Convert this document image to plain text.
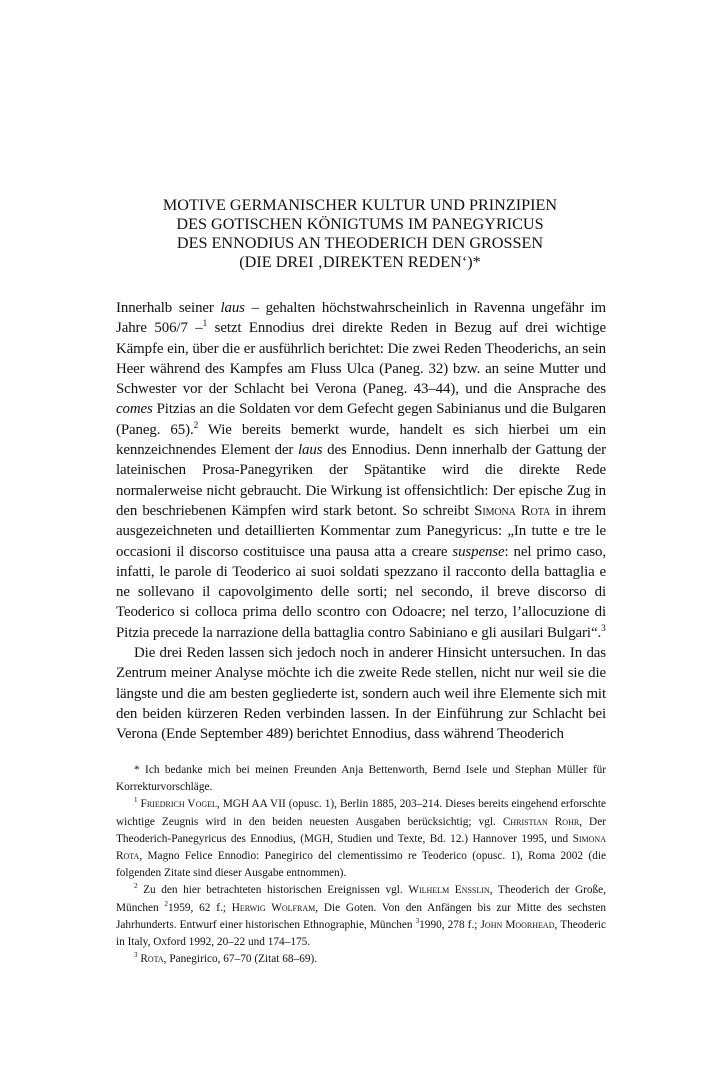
MOTIVE GERMANISCHER KULTUR UND PRINZIPIEN
DES GOTISCHEN KÖNIGTUMS IM PANEGYRICUS
DES ENNODIUS AN THEODERICH DEN GROSSEN
(DIE DREI ‚DIREKTEN REDEN‘)*

Innerhalb seiner laus – gehalten höchstwahrscheinlich in Ravenna ungefähr im Jahre 506/7 –$^1$ setzt Ennodius drei direkte Reden in Bezug auf drei wichtige Kämpfe ein, über die er ausführlich berichtet: Die zwei Reden Theoderichs, an sein Heer während des Kampfes am Fluss Ulca (Paneg. 32) bzw. an seine Mutter und Schwester vor der Schlacht bei Verona (Paneg. 43–44), und die Ansprache des comes Pitzias an die Soldaten vor dem Gefecht gegen Sabinianus und die Bulgaren (Paneg. 65).$^2$ Wie bereits bemerkt wurde, handelt es sich hierbei um ein kennzeichnendes Element der laus des Ennodius. Denn innerhalb der Gattung der lateinischen Prosa-Panegyriken der Spätantike wird die direkte Rede normalerweise nicht gebraucht. Die Wirkung ist offensichtlich: Der epische Zug in den beschriebenen Kämpfen wird stark betont. So schreibt Simona Rota in ihrem ausgezeichneten und detaillierten Kommentar zum Panegyricus: „In tutte e tre le occasioni il discorso costituisce una pausa atta a creare suspense: nel primo caso, infatti, le parole di Teoderico ai suoi soldati spezzano il racconto della battaglia e ne sollevano il capovolgimento delle sorti; nel secondo, il breve discorso di Teoderico si colloca prima dello scontro con Odoacre; nel terzo, l’allocuzione di Pitzia precede la narrazione della battaglia contro Sabiniano e gli ausilari Bulgari“.$^3$

Die drei Reden lassen sich jedoch noch in anderer Hinsicht untersuchen. In das Zentrum meiner Analyse möchte ich die zweite Rede stellen, nicht nur weil sie die längste und die am besten gegliederte ist, sondern auch weil ihre Elemente sich mit den beiden kürzeren Reden verbinden lassen. In der Einführung zur Schlacht bei Verona (Ende September 489) berichtet Ennodius, dass während Theoderich

* Ich bedanke mich bei meinen Freunden Anja Bettenworth, Bernd Isele und Stephan Müller für Korrekturvorschläge.

$^1$ Friedrich Vogel, MGH AA VII (opusc. 1), Berlin 1885, 203–214. Dieses bereits eingehend erforschte wichtige Zeugnis wird in den beiden neuesten Ausgaben berücksichtig; vgl. Christian Rohr, Der Theoderich-Panegyricus des Ennodius, (MGH, Studien und Texte, Bd. 12.) Hannover 1995, und Simona Rota, Magno Felice Ennodio: Panegirico del clementissimo re Teoderico (opusc. 1), Roma 2002 (die folgenden Zitate sind dieser Ausgabe entnommen).

$^2$ Zu den hier betrachteten historischen Ereignissen vgl. Wilhelm Ensslin, Theoderich der Große, München $^2$1959, 62 f.; Herwig Wolfram, Die Goten. Von den Anfängen bis zur Mitte des sechsten Jahrhunderts. Entwurf einer historischen Ethnographie, München $^3$1990, 278 f.; John Moorhead, Theoderic in Italy, Oxford 1992, 20–22 und 174–175.

$^3$ Rota, Panegirico, 67–70 (Zitat 68–69).
